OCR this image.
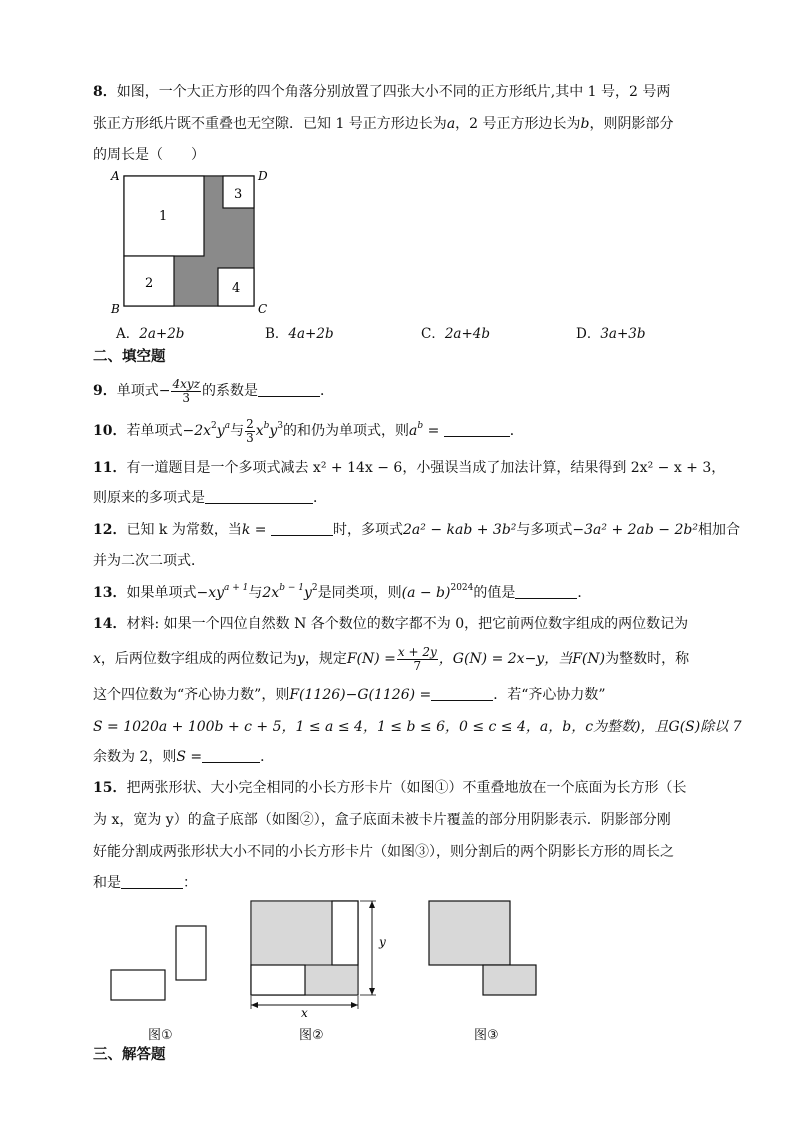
8．如图，一个大正方形的四个角落分别放置了四张大小不同的正方形纸片,其中 1 号，2 号两
张正方形纸片既不重叠也无空隙．已知 1 号正方形边长为a，2 号正方形边长为b，则阴影部分
的周长是（　　）
1
2
3
4
A	D
B	C
A．2a+2b	B．4a+2b	C．2a+4b	D．3a+3b
二、填空题
9．单项式− $\frac{\text{4xyz}}{3}$ 的系数是	．
10．若单项式$-2x^2y^a$与 $\frac{2}{3} x^by^3$的和仍为单项式，则$a^b$ =	．
11．有一道题目是一个多项式减去 x² + 14x − 6，小强误当成了加法计算，结果得到 2x² − x + 3，
则原来的多项式是	．
12．已知 k 为常数，当k =	时，多项式2a² − kab + 3b²与多项式−3a² + 2ab − 2b²相加合
并为二次二项式．
13．如果单项式$-xy^{a + 1}$与$2x^{b - 1}y^2$是同类项，则$(a - b)^{2024}$的值是	．
14．材料: 如果一个四位自然数 N 各个数位的数字都不为 0，把它前两位数字组成的两位数记为
x，后两位数字组成的两位数记为y，规定$F(N) = \frac{x + 2y}{7}$ ，G(N) = 2x−y，当F(N)为整数时，称
这个四位数为“齐心协力数”，则F(1126)−G(1126) =	．若“齐心协力数”
S = 1020a + 100b + c + 5，1 ≤ a ≤ 4，1 ≤ b ≤ 6，0 ≤ c ≤ 4，a，b，c为整数)，且G(S)除以 7
余数为 2，则S =	．
15．把两张形状、大小完全相同的小长方形卡片（如图①）不重叠地放在一个底面为长方形（长
为 x，宽为 y）的盒子底部（如图②），盒子底面未被卡片覆盖的部分用阴影表示．阴影部分刚
好能分割成两张形状大小不同的小长方形卡片（如图③），则分割后的两个阴影长方形的周长之
和是	：
y
x
图①	图②	图③
三、解答题
